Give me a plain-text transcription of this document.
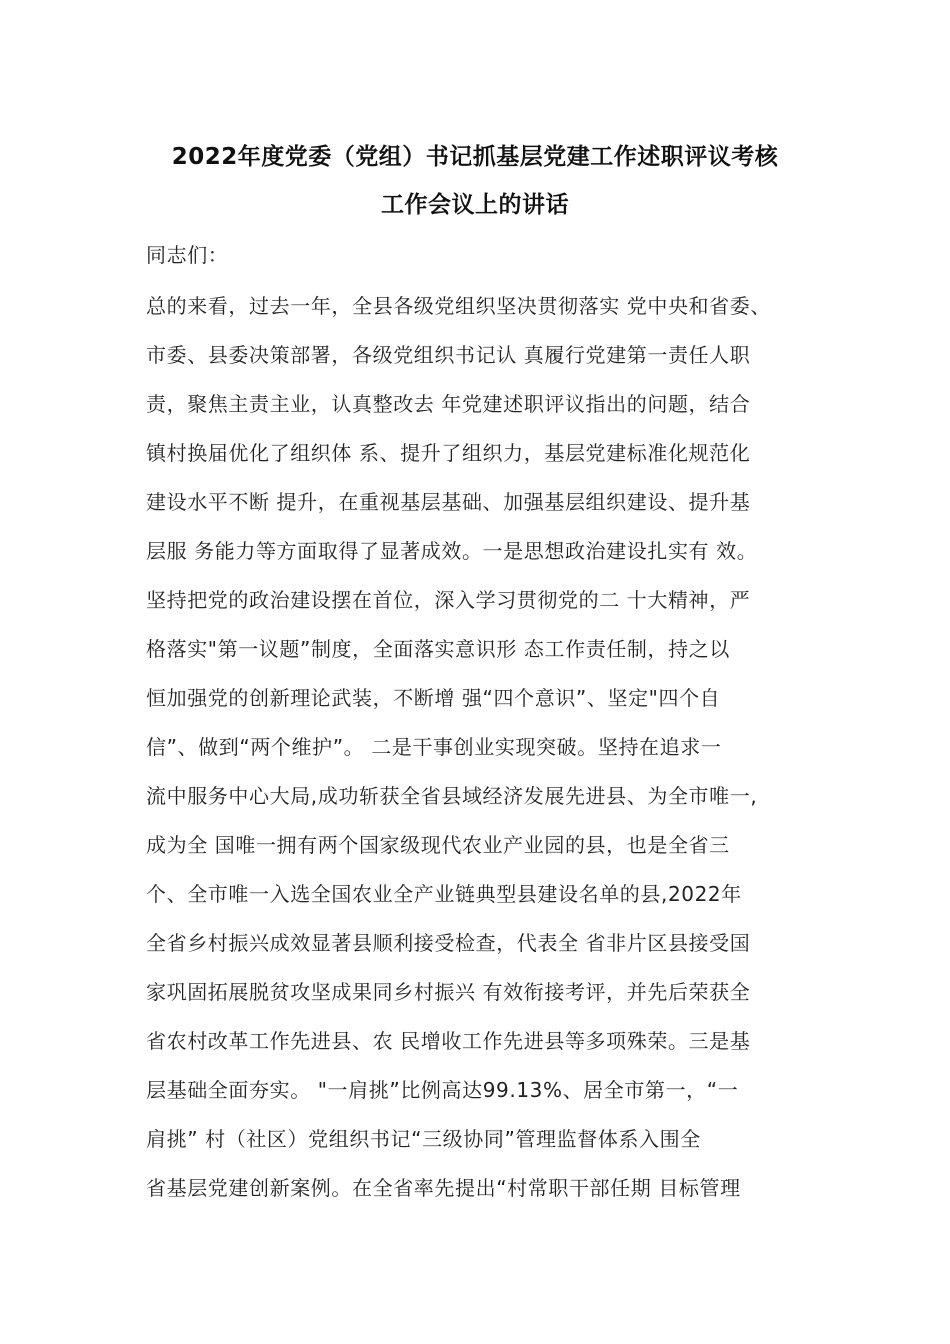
2022年度党委（党组）书记抓基层党建工作述职评议考核
工作会议上的讲话
同志们：
总的来看，过去一年，全县各级党组织坚决贯彻落实 党中央和省委、
市委、县委决策部署，各级党组织书记认 真履行党建第一责任人职
责，聚焦主责主业，认真整改去 年党建述职评议指出的问题，结合
镇村换届优化了组织体 系、提升了组织力，基层党建标准化规范化
建设水平不断 提升，在重视基层基础、加强基层组织建设、提升基
层服 务能力等方面取得了显著成效。一是思想政治建设扎实有 效。
坚持把党的政治建设摆在首位，深入学习贯彻党的二 十大精神，严
格落实"第一议题”制度，全面落实意识形 态工作责任制，持之以
恒加强党的创新理论武装，不断增 强“四个意识”、坚定"四个自
信”、做到“两个维护”。 二是干事创业实现突破。坚持在追求一
流中服务中心大局,成功斩获全省县域经济发展先进县、为全市唯一,
成为全 国唯一拥有两个国家级现代农业产业园的县，也是全省三
个、全市唯一入选全国农业全产业链典型县建设名单的县,2022年
全省乡村振兴成效显著县顺利接受检查，代表全 省非片区县接受国
家巩固拓展脱贫攻坚成果同乡村振兴 有效衔接考评，并先后荣获全
省农村改革工作先进县、农 民增收工作先进县等多项殊荣。三是基
层基础全面夯实。 "一肩挑”比例高达99.13%、居全市第一，“一
肩挑” 村（社区）党组织书记“三级协同”管理监督体系入围全
省基层党建创新案例。在全省率先提出“村常职干部任期 目标管理
